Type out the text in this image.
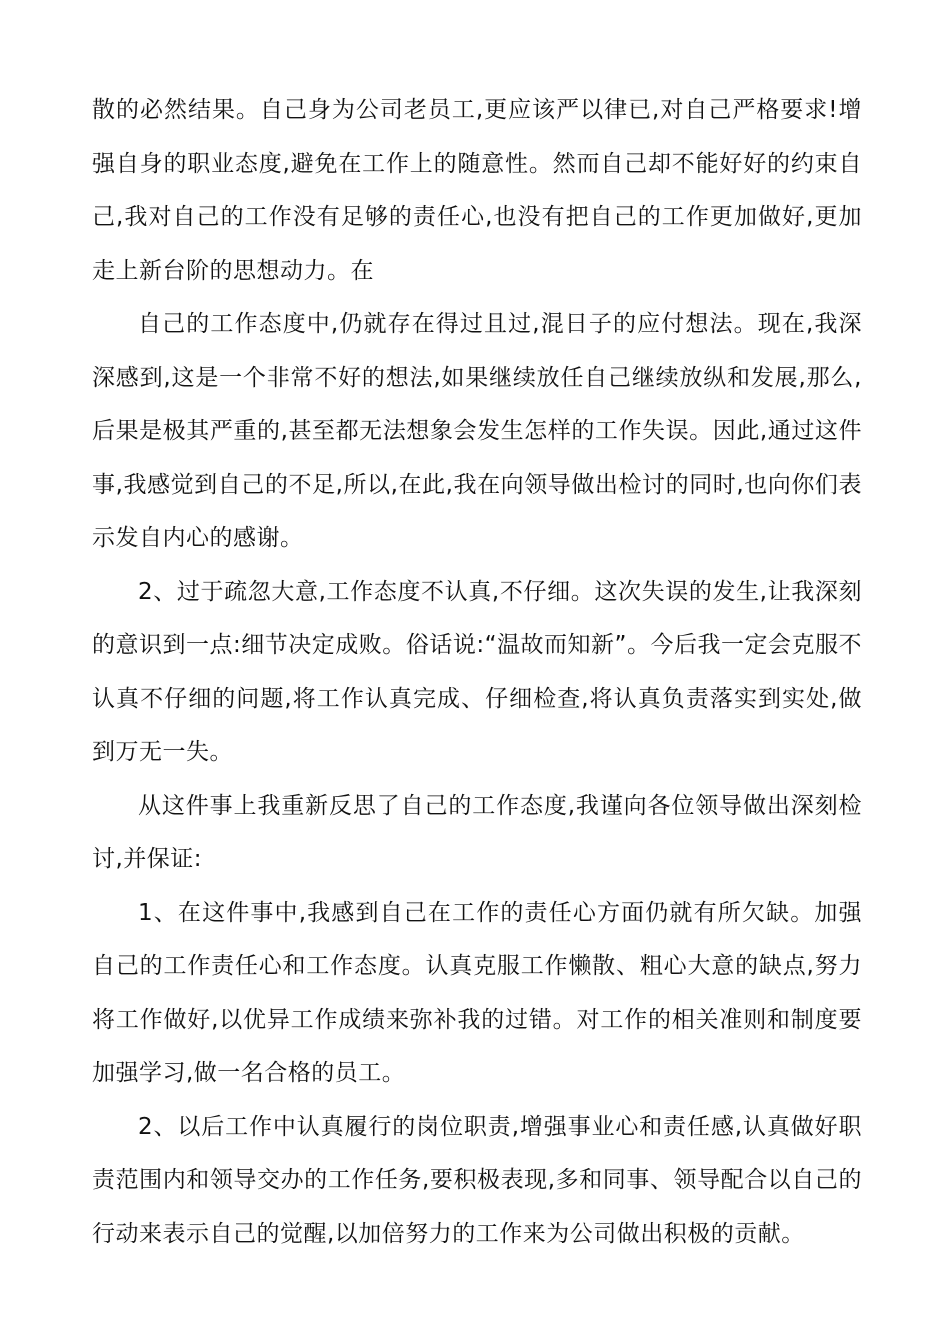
散的必然结果。自己身为公司老员工,更应该严以律已,对自己严格要求!增强自身的职业态度,避免在工作上的随意性。然而自己却不能好好的约束自己,我对自己的工作没有足够的责任心,也没有把自己的工作更加做好,更加走上新台阶的思想动力。在

自己的工作态度中,仍就存在得过且过,混日子的应付想法。现在,我深深感到,这是一个非常不好的想法,如果继续放任自己继续放纵和发展,那么,后果是极其严重的,甚至都无法想象会发生怎样的工作失误。因此,通过这件事,我感觉到自己的不足,所以,在此,我在向领导做出检讨的同时,也向你们表示发自内心的感谢。

2、过于疏忽大意,工作态度不认真,不仔细。这次失误的发生,让我深刻的意识到一点:细节决定成败。俗话说:“温故而知新”。今后我一定会克服不认真不仔细的问题,将工作认真完成、仔细检查,将认真负责落实到实处,做到万无一失。

从这件事上我重新反思了自己的工作态度,我谨向各位领导做出深刻检讨,并保证:

1、在这件事中,我感到自己在工作的责任心方面仍就有所欠缺。加强自己的工作责任心和工作态度。认真克服工作懒散、粗心大意的缺点,努力将工作做好,以优异工作成绩来弥补我的过错。对工作的相关准则和制度要加强学习,做一名合格的员工。

2、以后工作中认真履行的岗位职责,增强事业心和责任感,认真做好职责范围内和领导交办的工作任务,要积极表现,多和同事、领导配合以自己的行动来表示自己的觉醒,以加倍努力的工作来为公司做出积极的贡献。
